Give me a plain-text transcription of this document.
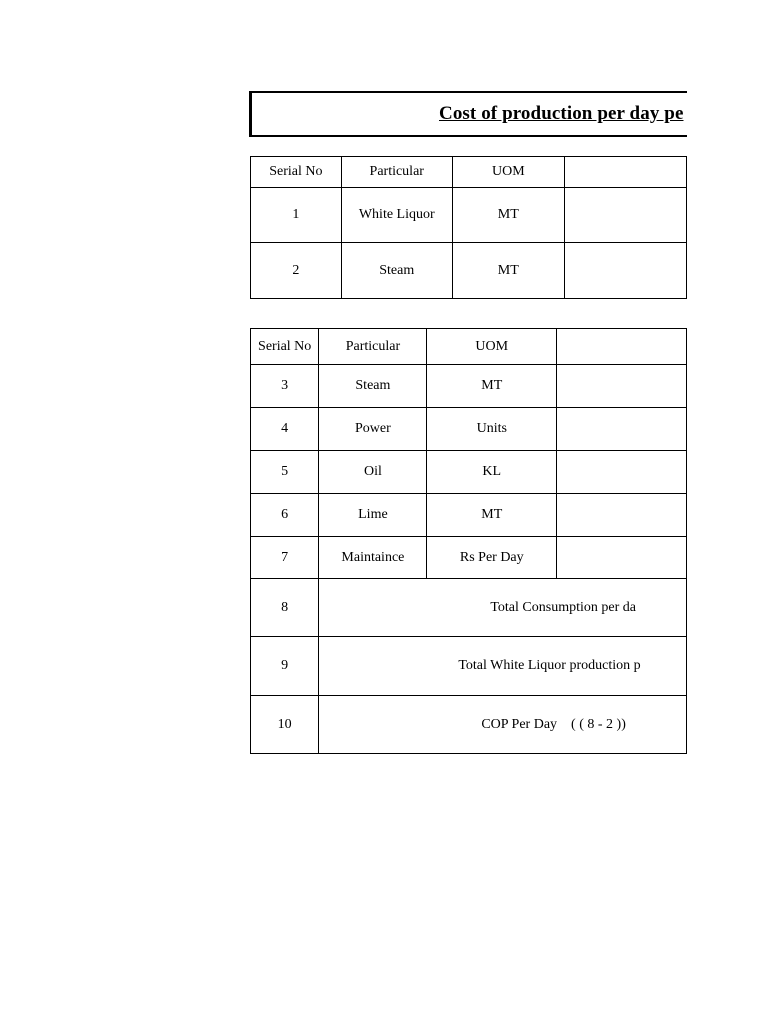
Cost of production per day pe
Serial No	Particular	UOM	
1	White Liquor	MT	
2	Steam	MT	
Serial No	Particular	UOM	
3	Steam	MT	
4	Power	Units	
5	Oil	KL	
6	Lime	MT	
7	Maintaince	Rs Per Day	
8	Total Consumption per da		
9	Total White Liquor production p		
10	COP Per Day    ( ( 8 - 2 ))		
